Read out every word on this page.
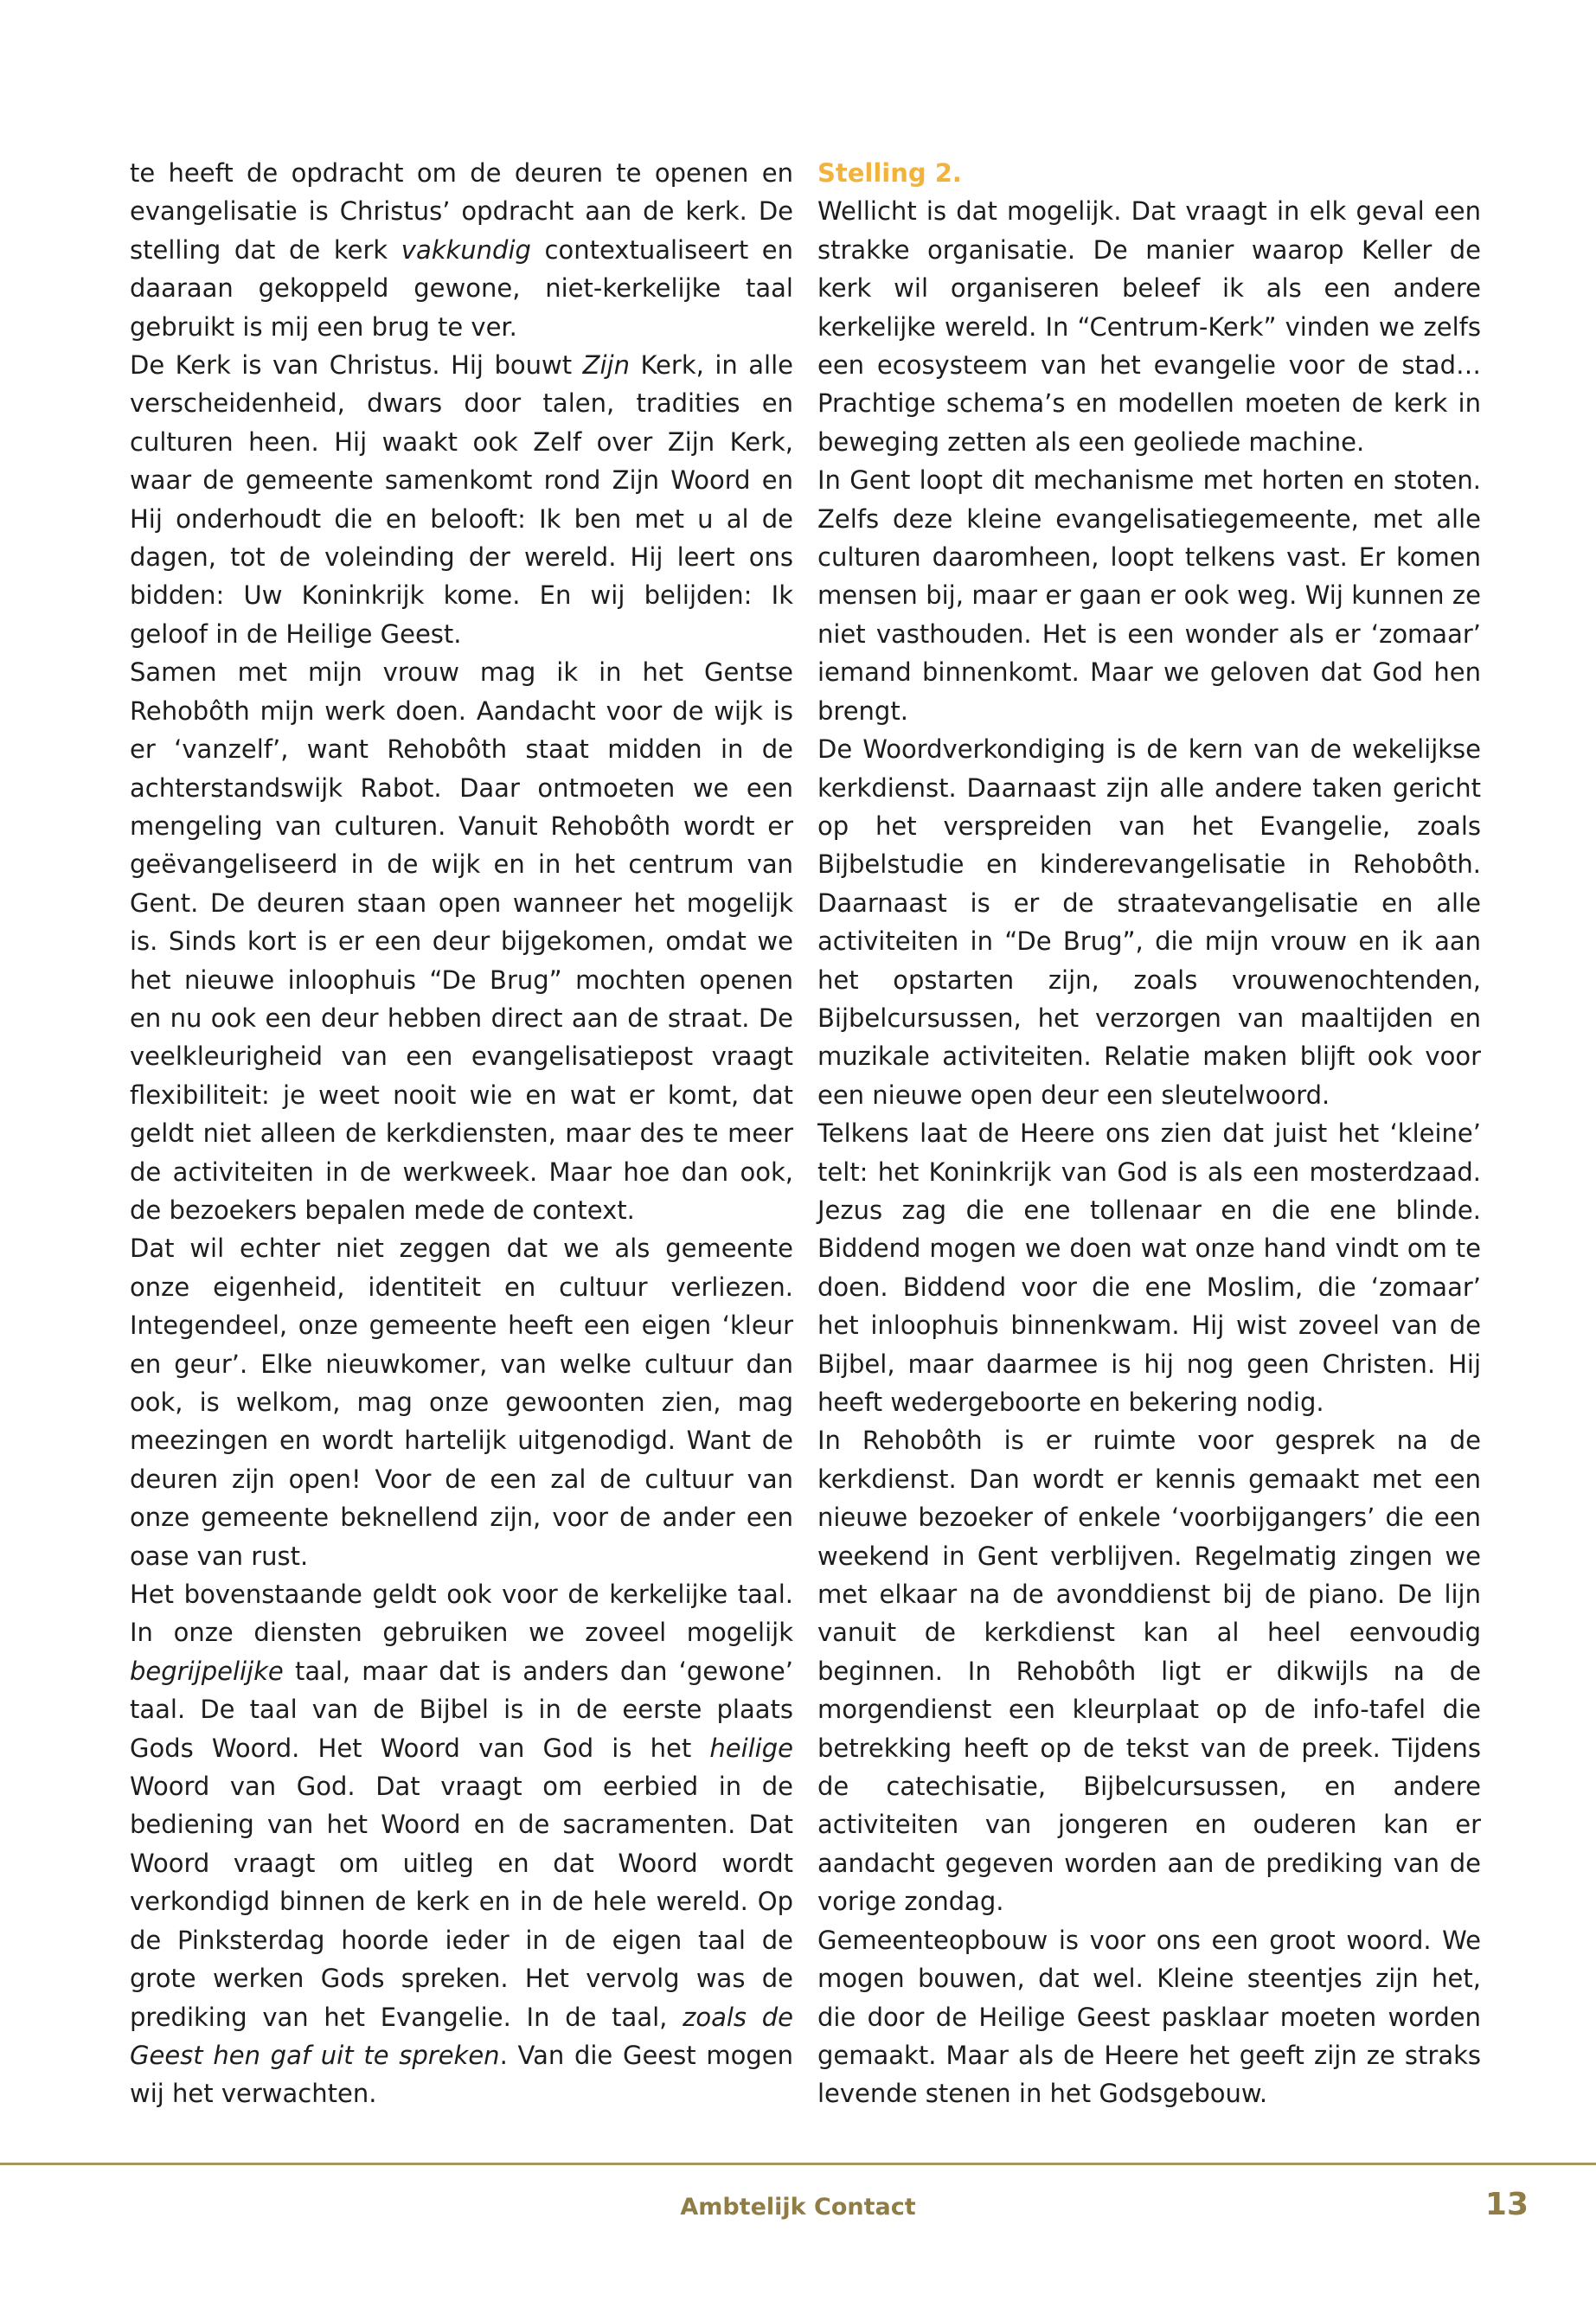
te heeft de opdracht om de deuren te openen en evangelisatie is Christus’ opdracht aan de kerk. De stelling dat de kerk vakkundig contextualiseert en daaraan gekoppeld gewone, niet-kerkelijke taal gebruikt is mij een brug te ver.

De Kerk is van Christus. Hij bouwt Zijn Kerk, in alle verscheidenheid, dwars door talen, tradities en culturen heen. Hij waakt ook Zelf over Zijn Kerk, waar de gemeente samenkomt rond Zijn Woord en Hij onderhoudt die en belooft: Ik ben met u al de dagen, tot de voleinding der wereld. Hij leert ons bidden: Uw Koninkrijk kome. En wij belijden: Ik geloof in de Heilige Geest.

Samen met mijn vrouw mag ik in het Gentse Rehobôth mijn werk doen. Aandacht voor de wijk is er ‘vanzelf’, want Rehobôth staat midden in de achterstandswijk Rabot. Daar ontmoeten we een mengeling van culturen. Vanuit Rehobôth wordt er geëvangeliseerd in de wijk en in het centrum van Gent. De deuren staan open wanneer het mogelijk is. Sinds kort is er een deur bijgekomen, omdat we het nieuwe inloophuis “De Brug” mochten openen en nu ook een deur hebben direct aan de straat. De veelkleurigheid van een evangelisatiepost vraagt flexibiliteit: je weet nooit wie en wat er komt, dat geldt niet alleen de kerkdiensten, maar des te meer de activiteiten in de werkweek. Maar hoe dan ook, de bezoekers bepalen mede de context.

Dat wil echter niet zeggen dat we als gemeente onze eigenheid, identiteit en cultuur verliezen. Integendeel, onze gemeente heeft een eigen ‘kleur en geur’. Elke nieuwkomer, van welke cultuur dan ook, is welkom, mag onze gewoonten zien, mag meezingen en wordt hartelijk uitgenodigd. Want de deuren zijn open! Voor de een zal de cultuur van onze gemeente beknellend zijn, voor de ander een oase van rust.

Het bovenstaande geldt ook voor de kerkelijke taal. In onze diensten gebruiken we zoveel mogelijk begrijpelijke taal, maar dat is anders dan ‘gewone’ taal. De taal van de Bijbel is in de eerste plaats Gods Woord. Het Woord van God is het heilige Woord van God. Dat vraagt om eerbied in de bediening van het Woord en de sacramenten. Dat Woord vraagt om uitleg en dat Woord wordt verkondigd binnen de kerk en in de hele wereld. Op de Pinksterdag hoorde ieder in de eigen taal de grote werken Gods spreken. Het vervolg was de prediking van het Evangelie. In de taal, zoals de Geest hen gaf uit te spreken. Van die Geest mogen wij het verwachten.

Stelling 2.

Wellicht is dat mogelijk. Dat vraagt in elk geval een strakke organisatie. De manier waarop Keller de kerk wil organiseren beleef ik als een andere kerkelijke wereld. In “Centrum-Kerk” vinden we zelfs een ecosysteem van het evangelie voor de stad… Prachtige schema’s en modellen moeten de kerk in beweging zetten als een geoliede machine.

In Gent loopt dit mechanisme met horten en stoten. Zelfs deze kleine evangelisatiegemeente, met alle culturen daaromheen, loopt telkens vast. Er komen mensen bij, maar er gaan er ook weg. Wij kunnen ze niet vasthouden. Het is een wonder als er ‘zomaar’ iemand binnenkomt. Maar we geloven dat God hen brengt.

De Woordverkondiging is de kern van de wekelijkse kerkdienst. Daarnaast zijn alle andere taken gericht op het verspreiden van het Evangelie, zoals Bijbelstudie en kinderevangelisatie in Rehobôth. Daarnaast is er de straatevangelisatie en alle activiteiten in “De Brug”, die mijn vrouw en ik aan het opstarten zijn, zoals vrouwenochtenden, Bijbelcursussen, het verzorgen van maaltijden en muzikale activiteiten. Relatie maken blijft ook voor een nieuwe open deur een sleutelwoord.

Telkens laat de Heere ons zien dat juist het ‘kleine’ telt: het Koninkrijk van God is als een mosterdzaad. Jezus zag die ene tollenaar en die ene blinde. Biddend mogen we doen wat onze hand vindt om te doen. Biddend voor die ene Moslim, die ‘zomaar’ het inloophuis binnenkwam. Hij wist zoveel van de Bijbel, maar daarmee is hij nog geen Christen. Hij heeft wedergeboorte en bekering nodig.

In Rehobôth is er ruimte voor gesprek na de kerkdienst. Dan wordt er kennis gemaakt met een nieuwe bezoeker of enkele ‘voorbijgangers’ die een weekend in Gent verblijven. Regelmatig zingen we met elkaar na de avonddienst bij de piano. De lijn vanuit de kerkdienst kan al heel eenvoudig beginnen. In Rehobôth ligt er dikwijls na de morgendienst een kleurplaat op de info-tafel die betrekking heeft op de tekst van de preek. Tijdens de catechisatie, Bijbelcursussen, en andere activiteiten van jongeren en ouderen kan er aandacht gegeven worden aan de prediking van de vorige zondag.

Gemeenteopbouw is voor ons een groot woord. We mogen bouwen, dat wel. Kleine steentjes zijn het, die door de Heilige Geest pasklaar moeten worden gemaakt. Maar als de Heere het geeft zijn ze straks levende stenen in het Godsgebouw.

Ambtelijk Contact	13
